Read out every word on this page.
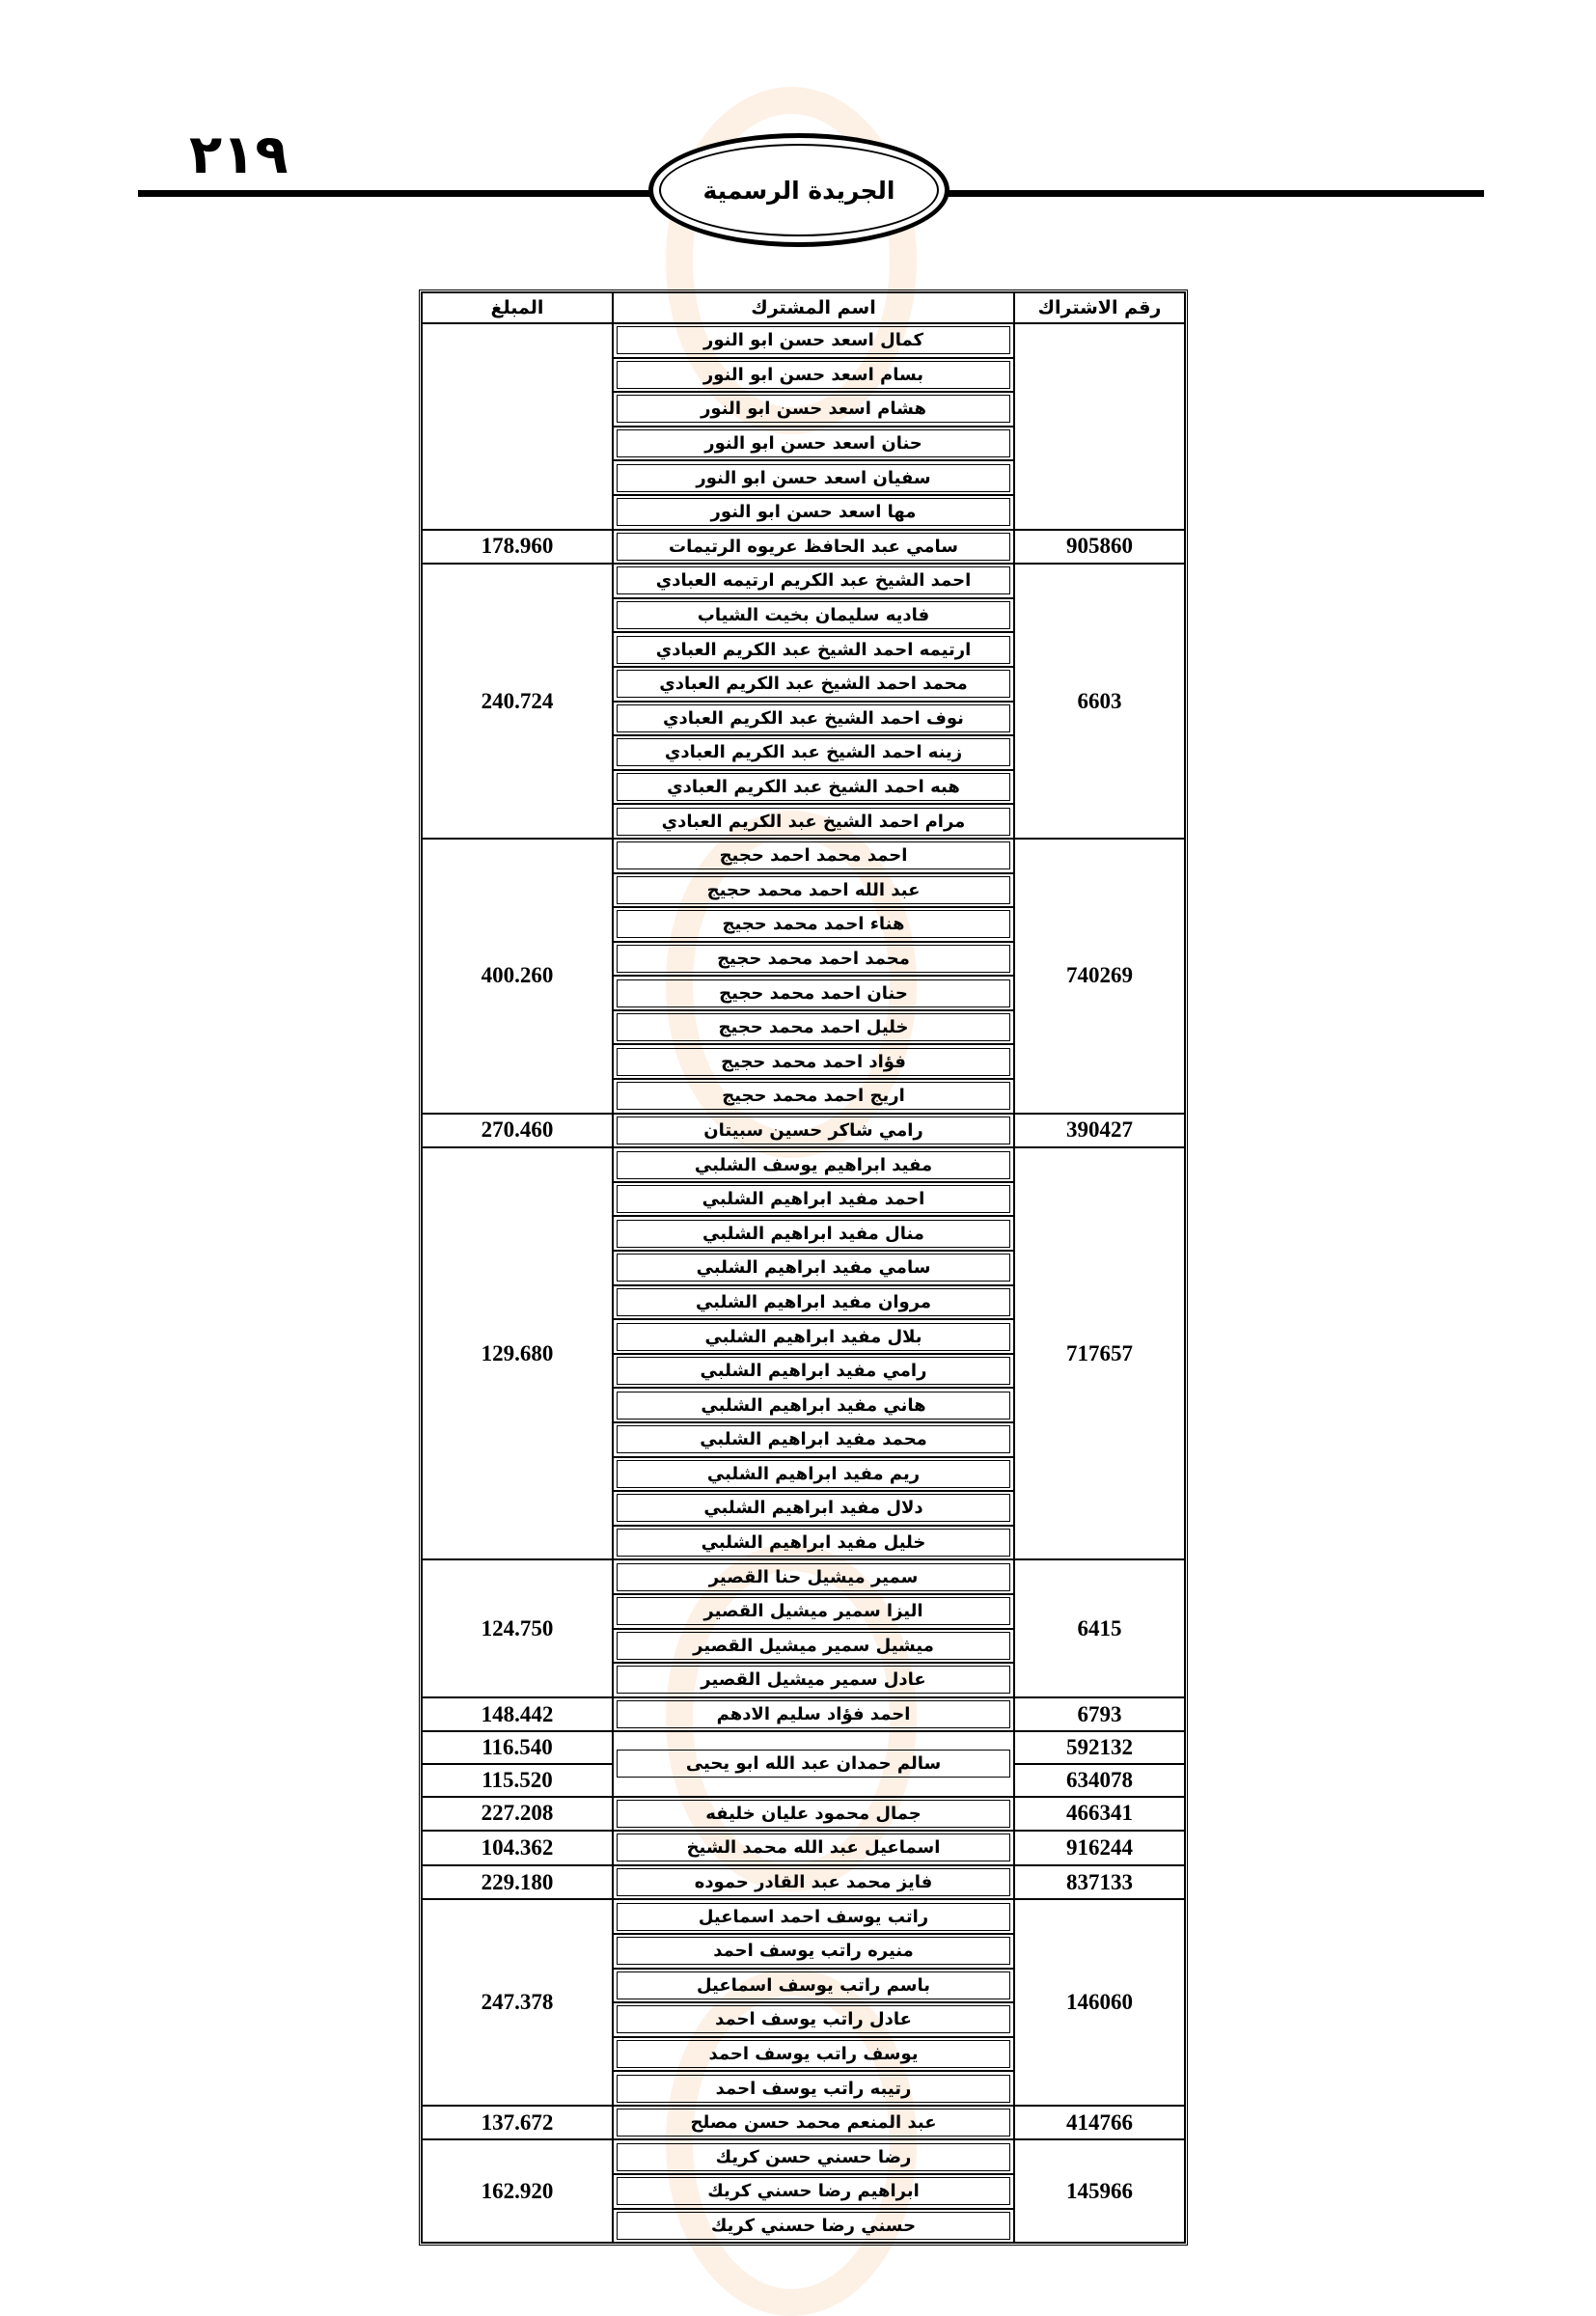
٢١٩
الجريدة الرسمية
رقم الاشتراك	اسم المشترك	المبلغ

	كمال اسعد حسن ابو النور	

	بسام اسعد حسن ابو النور	

	هشام اسعد حسن ابو النور	

	حنان اسعد حسن ابو النور	

	سفيان اسعد حسن ابو النور	

	مها اسعد حسن ابو النور	

905860	سامي عبد الحافظ عريوه الرتيمات	178.960
6603	احمد الشيخ عبد الكريم ارتيمه العبادي	240.724

	فاديه سليمان بخيت الشياب	

	ارتيمه احمد الشيخ عبد الكريم العبادي	

	محمد احمد الشيخ عبد الكريم العبادي	

	نوف احمد الشيخ عبد الكريم العبادي	

	زينه احمد الشيخ عبد الكريم العبادي	

	هبه احمد الشيخ عبد الكريم العبادي	

	مرام احمد الشيخ عبد الكريم العبادي	

740269	احمد محمد احمد حجيج	400.260

	عبد الله احمد محمد حجيج	

	هناء احمد محمد حجيج	

	محمد احمد محمد حجيج	

	حنان احمد محمد حجيج	

	خليل احمد محمد حجيج	

	فؤاد احمد محمد حجيج	

	اريج احمد محمد حجيج	

390427	رامي شاكر حسين سبيتان	270.460
717657	مفيد ابراهيم يوسف الشلبي	129.680

	احمد مفيد ابراهيم الشلبي	

	منال مفيد ابراهيم الشلبي	

	سامي مفيد ابراهيم الشلبي	

	مروان مفيد ابراهيم الشلبي	

	بلال مفيد ابراهيم الشلبي	

	رامي مفيد ابراهيم الشلبي	

	هاني مفيد ابراهيم الشلبي	

	محمد مفيد ابراهيم الشلبي	

	ريم مفيد ابراهيم الشلبي	

	دلال مفيد ابراهيم الشلبي	

	خليل مفيد ابراهيم الشلبي	

6415	سمير ميشيل حنا القصير	124.750

	اليزا سمير ميشيل القصير	

	ميشيل سمير ميشيل القصير	

	عادل سمير ميشيل القصير	

6793	احمد فؤاد سليم الادهم	148.442
592132	سالم حمدان عبد الله ابو يحيى	116.540
634078		115.520
466341	جمال محمود عليان خليفه	227.208
916244	اسماعيل عبد الله محمد الشيخ	104.362
837133	فايز محمد عبد القادر حموده	229.180
146060	راتب يوسف احمد اسماعيل	247.378

	منيره راتب يوسف احمد	

	باسم راتب يوسف اسماعيل	

	عادل راتب يوسف احمد	

	يوسف راتب يوسف احمد	

	رتيبه راتب يوسف احمد	

414766	عبد المنعم محمد حسن مصلح	137.672
145966	رضا حسني حسن كريك	162.920

	ابراهيم رضا حسني كريك	

	حسني رضا حسني كريك	
